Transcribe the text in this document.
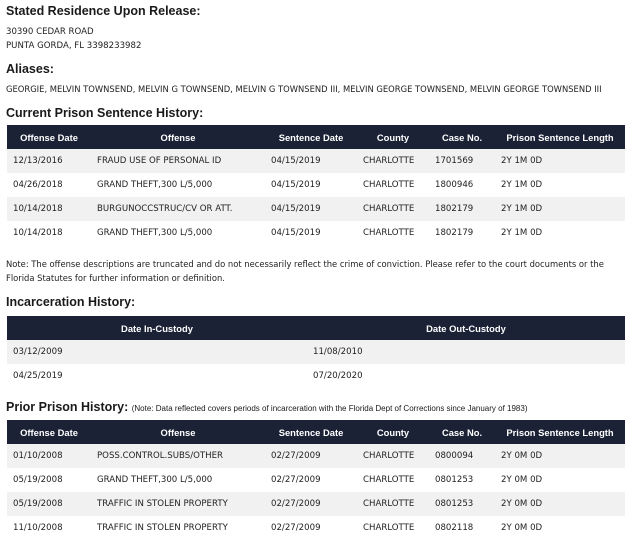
Stated Residence Upon Release:
30390 CEDAR ROAD
PUNTA GORDA, FL 3398233982
Aliases:
GEORGIE, MELVIN TOWNSEND, MELVIN G TOWNSEND, MELVIN G TOWNSEND III, MELVIN GEORGE TOWNSEND, MELVIN GEORGE TOWNSEND III
Current Prison Sentence History:
Offense Date	Offense	Sentence Date	County	Case No.	Prison Sentence Length
12/13/2016	FRAUD USE OF PERSONAL ID	04/15/2019	CHARLOTTE	1701569	2Y 1M 0D
04/26/2018	GRAND THEFT,300 L/5,000	04/15/2019	CHARLOTTE	1800946	2Y 1M 0D
10/14/2018	BURGUNOCCSTRUC/CV OR ATT.	04/15/2019	CHARLOTTE	1802179	2Y 1M 0D
10/14/2018	GRAND THEFT,300 L/5,000	04/15/2019	CHARLOTTE	1802179	2Y 1M 0D
Note: The offense descriptions are truncated and do not necessarily reflect the crime of conviction. Please refer to the court documents or the Florida Statutes for further information or definition.
Incarceration History:
Date In-Custody	Date Out-Custody
03/12/2009	11/08/2010
04/25/2019	07/20/2020
Prior Prison History: (Note: Data reflected covers periods of incarceration with the Florida Dept of Corrections since January of 1983)
Offense Date	Offense	Sentence Date	County	Case No.	Prison Sentence Length
01/10/2008	POSS.CONTROL.SUBS/OTHER	02/27/2009	CHARLOTTE	0800094	2Y 0M 0D
05/19/2008	GRAND THEFT,300 L/5,000	02/27/2009	CHARLOTTE	0801253	2Y 0M 0D
05/19/2008	TRAFFIC IN STOLEN PROPERTY	02/27/2009	CHARLOTTE	0801253	2Y 0M 0D
11/10/2008	TRAFFIC IN STOLEN PROPERTY	02/27/2009	CHARLOTTE	0802118	2Y 0M 0D
